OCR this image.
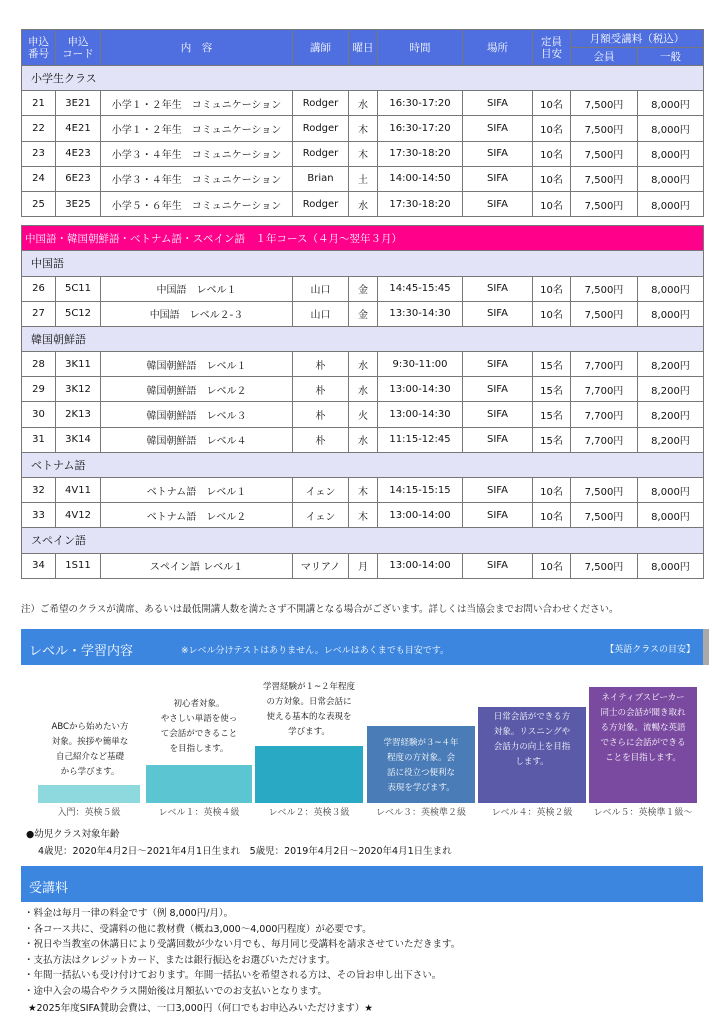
申込
番号	申込
コード	内　容	講師	曜日	時間	場所	定員
目安	月額受講料（税込）	
								会員	一般
小学生クラス									
21	3E21	小学１・２年生　コミュニケーション	Rodger	水	16:30-17:20	SIFA	10名	7,500円	8,000円
22	4E21	小学１・２年生　コミュニケーション	Rodger	木	16:30-17:20	SIFA	10名	7,500円	8,000円
23	4E23	小学３・４年生　コミュニケーション	Rodger	木	17:30-18:20	SIFA	10名	7,500円	8,000円
24	6E23	小学３・４年生　コミュニケーション	Brian	土	14:00-14:50	SIFA	10名	7,500円	8,000円
25	3E25	小学５・６年生　コミュニケーション	Rodger	水	17:30-18:20	SIFA	10名	7,500円	8,000円

中国語・韓国朝鮮語・ベトナム語・スペイン語　１年コース（４月～翌年３月）									
中国語									
26	5C11	中国語　レベル１	山口	金	14:45-15:45	SIFA	10名	7,500円	8,000円
27	5C12	中国語　レベル２-３	山口	金	13:30-14:30	SIFA	10名	7,500円	8,000円
韓国朝鮮語									
28	3K11	韓国朝鮮語　レベル１	朴	水	9:30-11:00	SIFA	15名	7,700円	8,200円
29	3K12	韓国朝鮮語　レベル２	朴	水	13:00-14:30	SIFA	15名	7,700円	8,200円
30	2K13	韓国朝鮮語　レベル３	朴	火	13:00-14:30	SIFA	15名	7,700円	8,200円
31	3K14	韓国朝鮮語　レベル４	朴	水	11:15-12:45	SIFA	15名	7,700円	8,200円
ベトナム語									
32	4V11	ベトナム語　レベル１	イェン	木	14:15-15:15	SIFA	10名	7,500円	8,000円
33	4V12	ベトナム語　レベル２	イェン	木	13:00-14:00	SIFA	10名	7,500円	8,000円
スペイン語									
34	1S11	スペイン語 レベル１	マリアノ	月	13:00-14:00	SIFA	10名	7,500円	8,000円
注）ご希望のクラスが満席、あるいは最低開講人数を満たさず不開講となる場合がございます。詳しくは当協会までお問い合わせください。
レベル・学習内容	※レベル分けテストはありません。レベルはあくまでも目安です。	【英語クラスの目安】
ABCから始めたい方
対象。挨拶や簡単な
自己紹介など基礎
から学びます。
入門：英検５級
初心者対象。
やさしい単語を使っ
て会話ができること
を目指します。
レベル１：英検４級
学習経験が１~２年程度
の方対象。日常会話に
使える基本的な表現を
学びます。
レベル２：英検３級
学習経験が３~４年
程度の方対象。会
話に役立つ便利な
表現を学びます。
レベル３：英検準２級
日常会話ができる方
対象。リスニングや
会話力の向上を目指
します。
レベル４：英検２級
ネイティブスピーカー
同士の会話が聞き取れ
る方対象。流暢な英語
でさらに会話ができる
ことを目指します。
レベル５：英検準１級～
●幼児クラス対象年齢
4歳児：2020年4月2日～2021年4月1日生まれ　5歳児：2019年4月2日～2020年4月1日生まれ
受講料
・料金は毎月一律の料金です（例 8,000円/月）。
・各コース共に、受講料の他に教材費（概ね3,000～4,000円程度）が必要です。
・祝日や当教室の休講日により受講回数が少ない月でも、毎月同じ受講料を請求させていただきます。
・支払方法はクレジットカード、または銀行振込をお選びいただけます。
・年間一括払いも受け付けております。年間一括払いを希望される方は、その旨お申し出下さい。
・途中入会の場合やクラス開始後は月額払いでのお支払いとなります。
★2025年度SIFA賛助会費は、一口3,000円（何口でもお申込みいただけます）★
